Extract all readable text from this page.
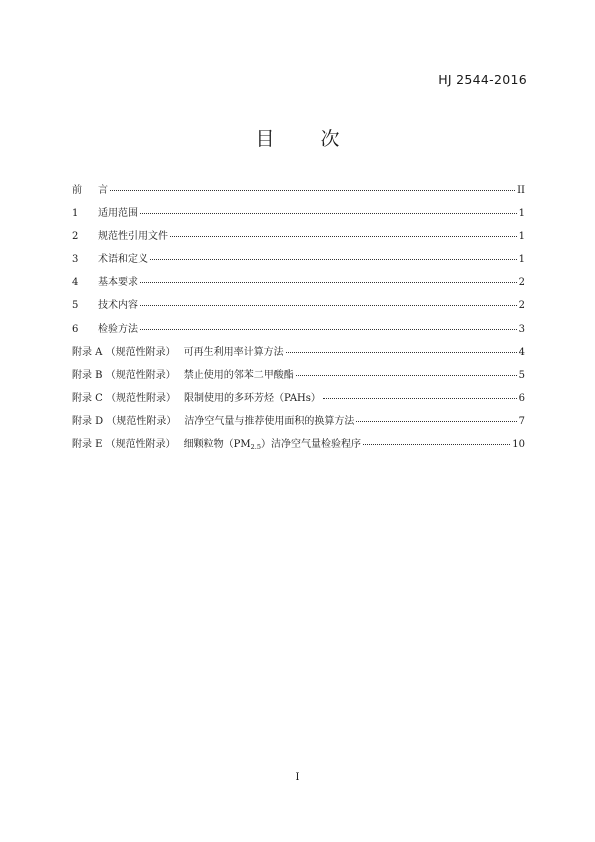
HJ 2544-2016
目 次
前	言	II
1	适用范围	1
2	规范性引用文件	1
3	术语和定义	1
4	基本要求	2
5	技术内容	2
6	检验方法	3
附录 A （规范性附录） 可再生利用率计算方法	4
附录 B （规范性附录） 禁止使用的邻苯二甲酸酯	5
附录 C （规范性附录） 限制使用的多环芳烃（PAHs）	6
附录 D （规范性附录） 洁净空气量与推荐使用面积的换算方法	7
附录 E （规范性附录） 细颗粒物$(PM_{2.5})$洁净空气量检验程序	10
I
